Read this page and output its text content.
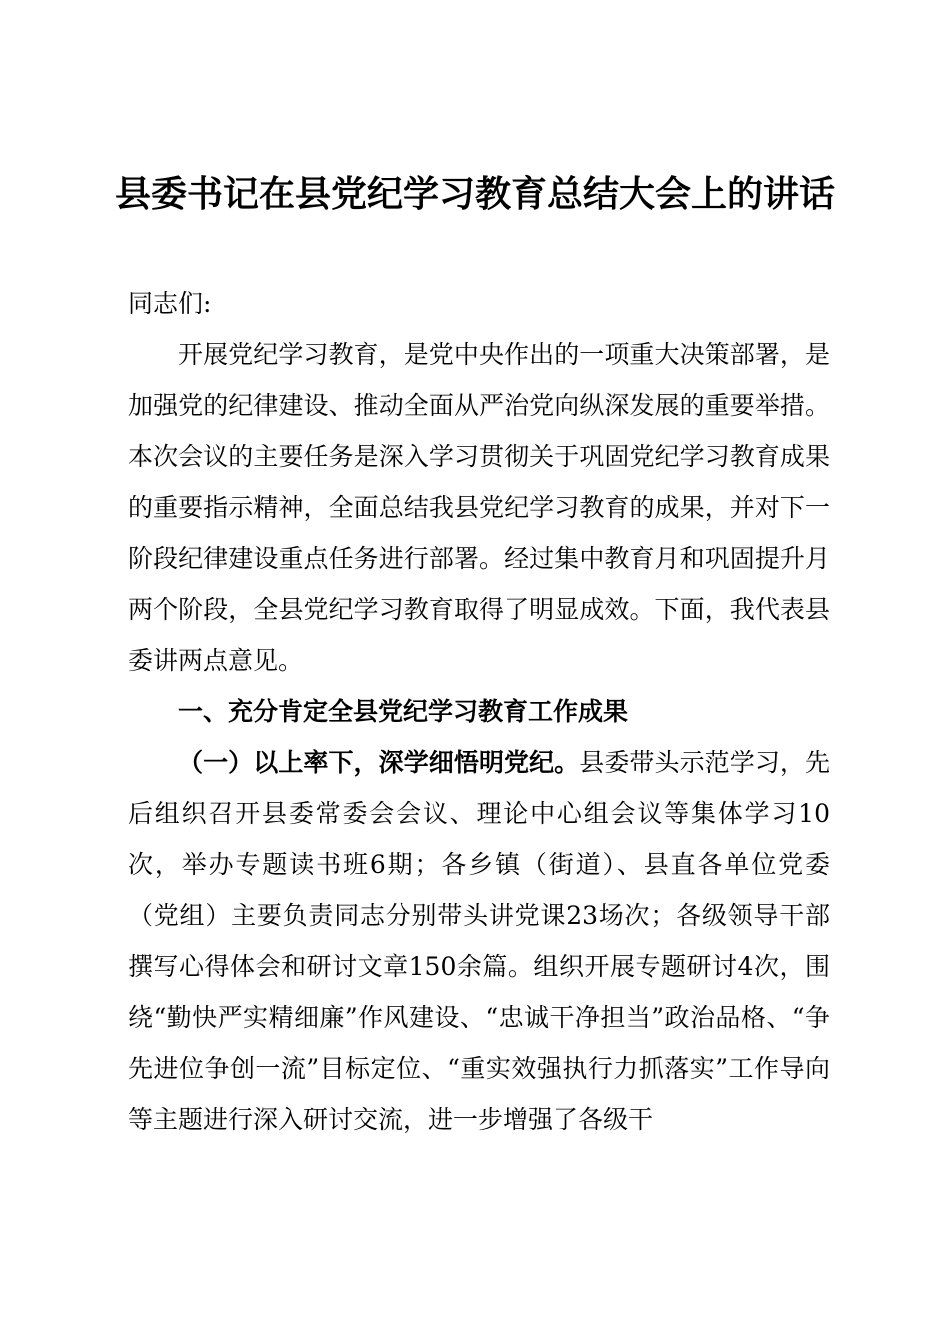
县委书记在县党纪学习教育总结大会上的讲话

同志们:

开展党纪学习教育，是党中央作出的一项重大决策部署，是加强党的纪律建设、推动全面从严治党向纵深发展的重要举措。本次会议的主要任务是深入学习贯彻关于巩固党纪学习教育成果的重要指示精神，全面总结我县党纪学习教育的成果，并对下一阶段纪律建设重点任务进行部署。经过集中教育月和巩固提升月两个阶段，全县党纪学习教育取得了明显成效。下面，我代表县委讲两点意见。

一、充分肯定全县党纪学习教育工作成果

（一）以上率下，深学细悟明党纪。县委带头示范学习，先后组织召开县委常委会会议、理论中心组会议等集体学习10次，举办专题读书班6期；各乡镇（街道）、县直各单位党委（党组）主要负责同志分别带头讲党课23场次；各级领导干部撰写心得体会和研讨文章150余篇。组织开展专题研讨4次，围绕“勤快严实精细廉”作风建设、“忠诚干净担当”政治品格、“争先进位争创一流”目标定位、“重实效强执行力抓落实”工作导向等主题进行深入研讨交流，进一步增强了各级干
